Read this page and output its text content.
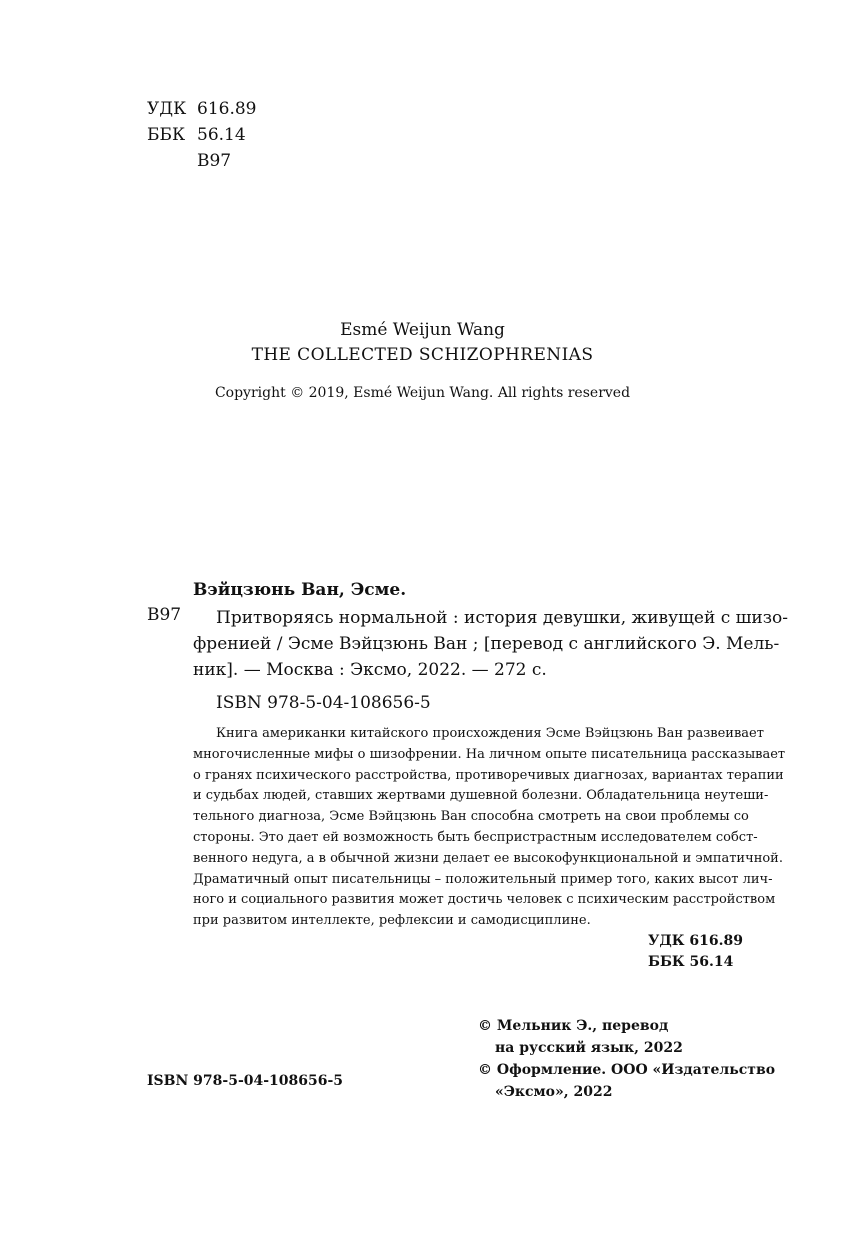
УДК 616.89
ББК 56.14
В97
Esmé Weijun Wang
THE COLLECTED SCHIZOPHRENIAS
Copyright © 2019, Esmé Weijun Wang. All rights reserved
Вэйцзюнь Ван, Эсме.
В97	Притворяясь нормальной : история девушки, живущей с шизо-
френией / Эсме Вэйцзюнь Ван ; [перевод с английского Э. Мель-
ник]. — Москва : Эксмо, 2022. — 272 с.
ISBN 978-5-04-108656-5
Книга американки китайского происхождения Эсме Вэйцзюнь Ван развеивает
многочисленные мифы о шизофрении. На личном опыте писательница рассказывает
о гранях психического расстройства, противоречивых диагнозах, вариантах терапии
и судьбах людей, ставших жертвами душевной болезни. Обладательница неутеши-
тельного диагноза, Эсме Вэйцзюнь Ван способна смотреть на свои проблемы со
стороны. Это дает ей возможность быть беспристрастным исследователем собст-
венного недуга, а в обычной жизни делает ее высокофункциональной и эмпатичной.
Драматичный опыт писательницы – положительный пример того, каких высот лич-
ного и социального развития может достичь человек с психическим расстройством
при развитом интеллекте, рефлексии и самодисциплине.
УДК 616.89
ББК 56.14
ISBN 978-5-04-108656-5
© Мельник Э., перевод
на русский язык, 2022
© Оформление. ООО «Издательство
«Эксмо», 2022
